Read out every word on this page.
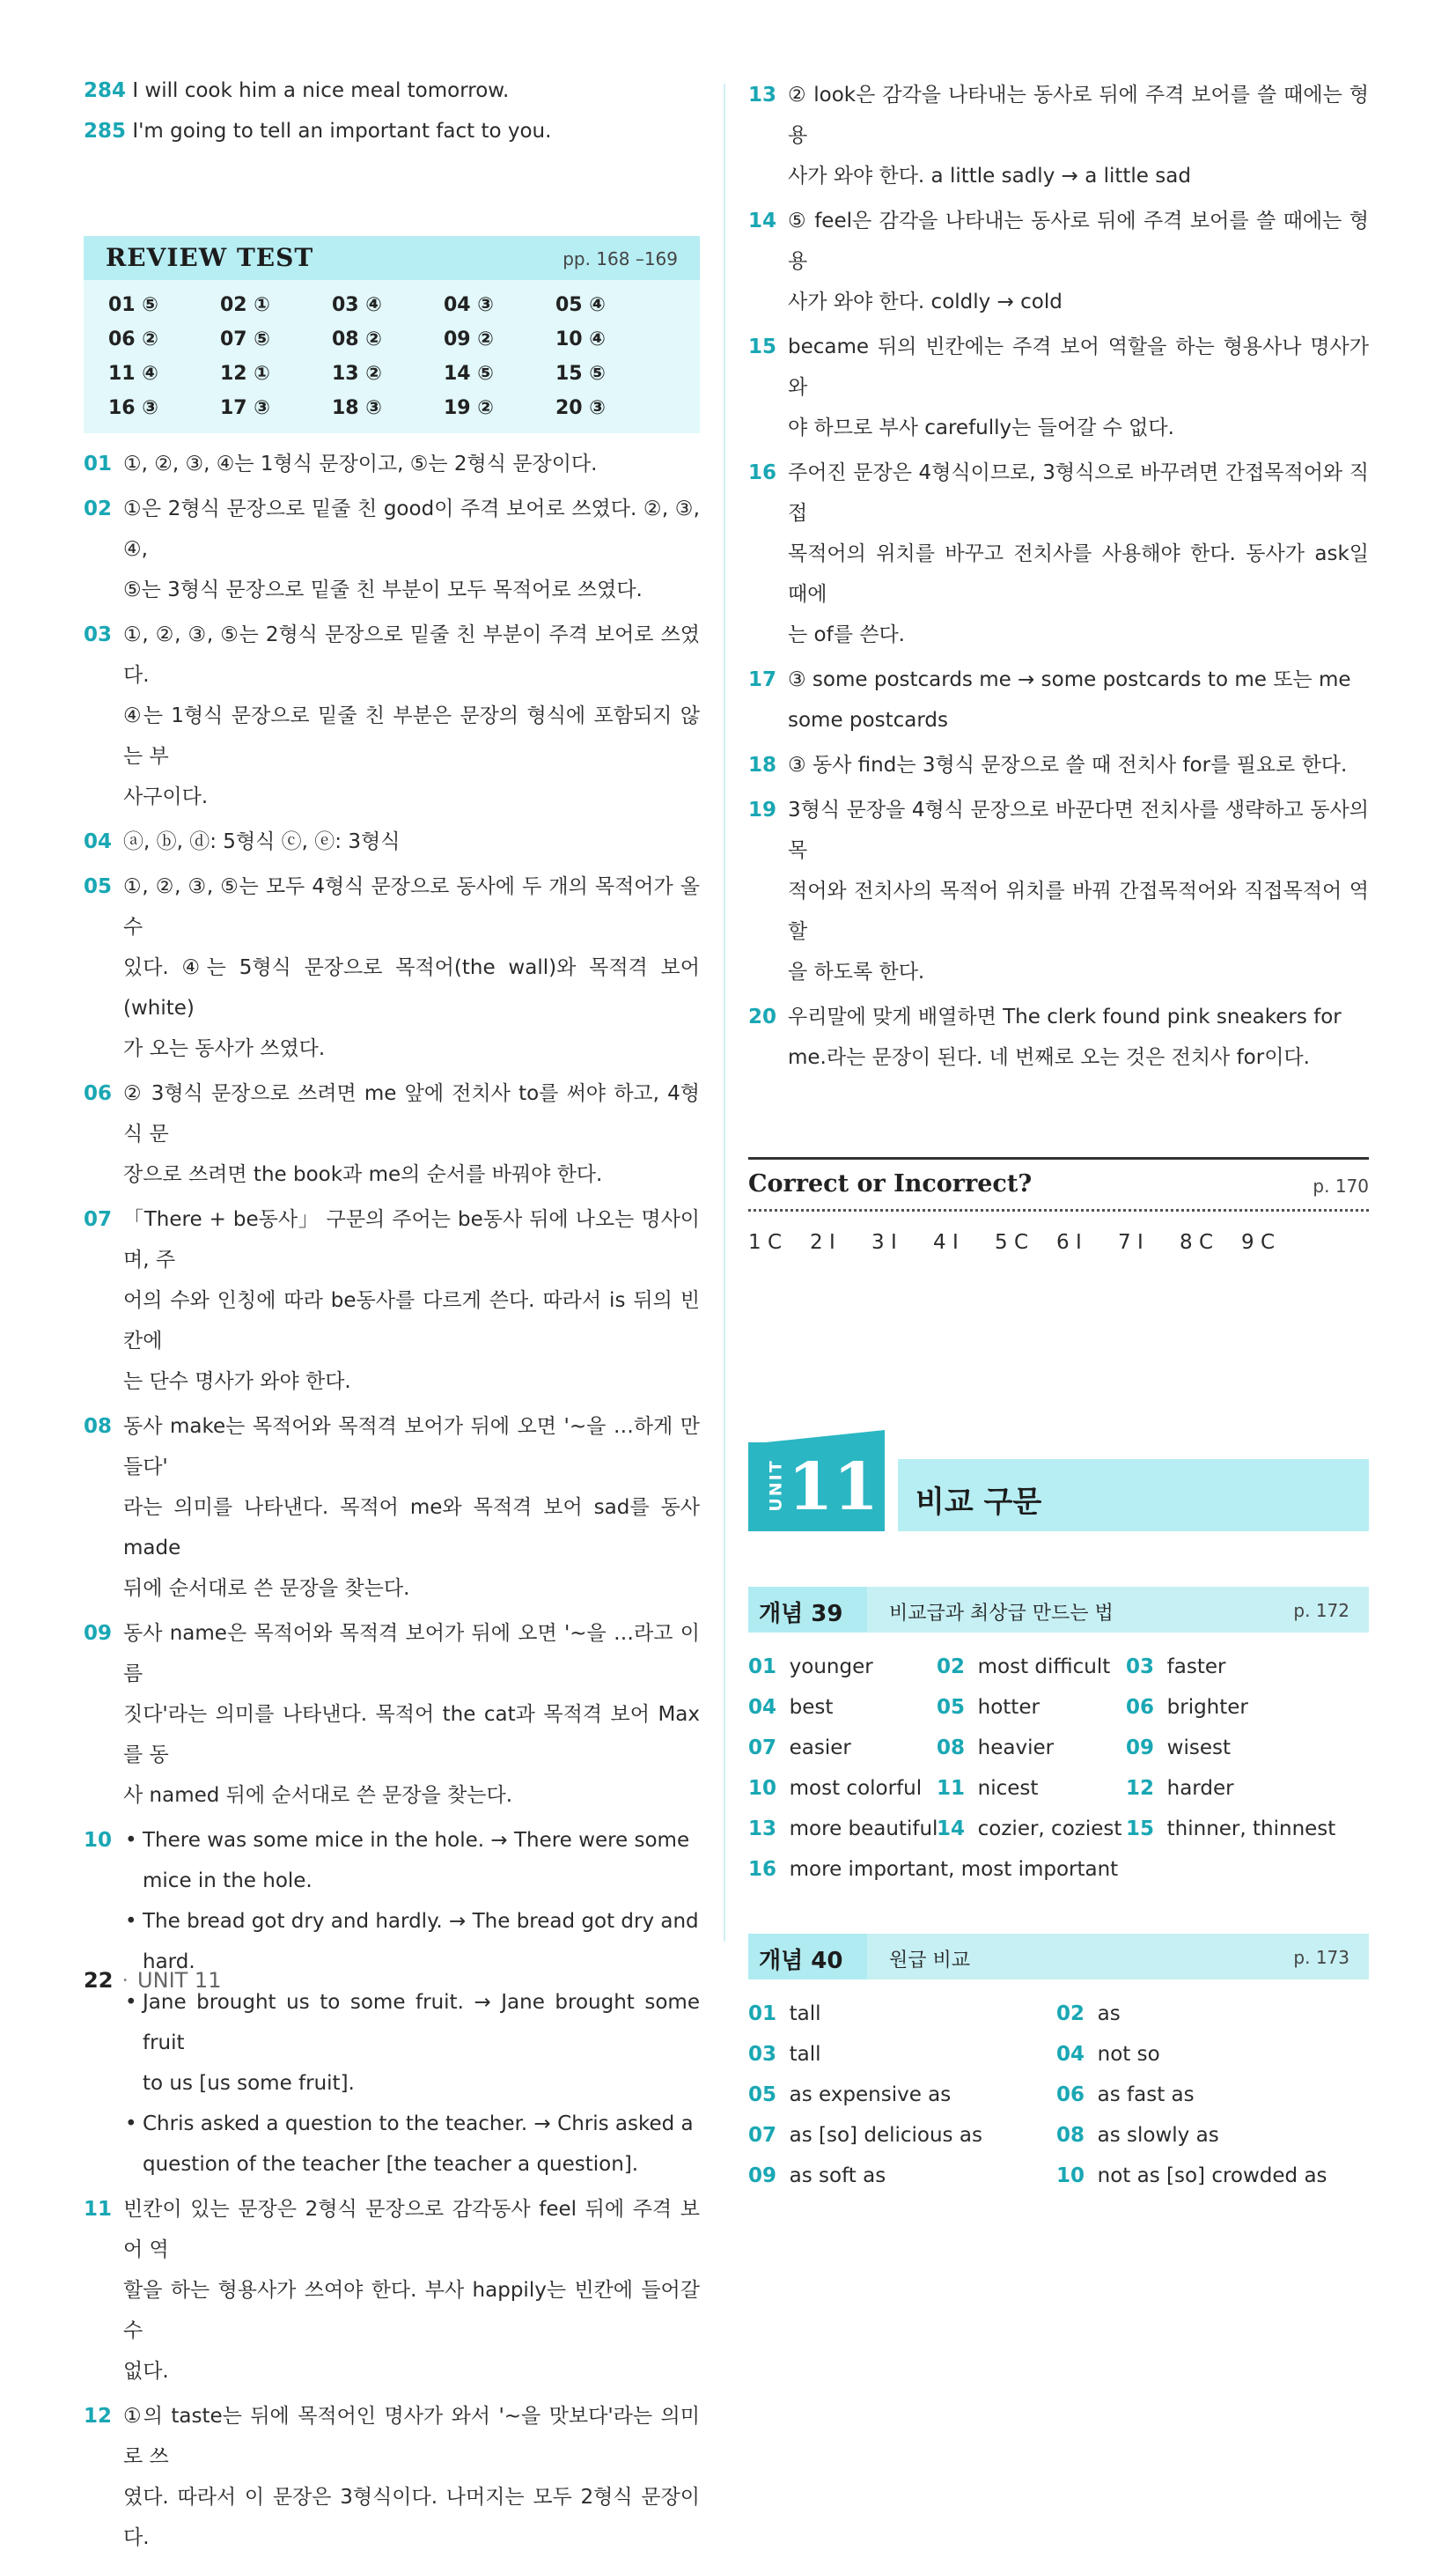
284 I will cook him a nice meal tomorrow.
285 I'm going to tell an important fact to you.
REVIEW TEST	pp. 168 –169
01 ⑤	02 ①	03 ④	04 ③	05 ④
06 ②	07 ⑤	08 ②	09 ②	10 ④
11 ④	12 ①	13 ②	14 ⑤	15 ⑤
16 ③	17 ③	18 ③	19 ②	20 ③
01 ①, ②, ③, ④는 1형식 문장이고, ⑤는 2형식 문장이다.

02 ①은 2형식 문장으로 밑줄 친 good이 주격 보어로 쓰였다. ②, ③, ④,

⑤는 3형식 문장으로 밑줄 친 부분이 모두 목적어로 쓰였다.

03 ①, ②, ③, ⑤는 2형식 문장으로 밑줄 친 부분이 주격 보어로 쓰였다.

④는 1형식 문장으로 밑줄 친 부분은 문장의 형식에 포함되지 않는 부

사구이다.

04 ⓐ, ⓑ, ⓓ: 5형식 ⓒ, ⓔ: 3형식

05 ①, ②, ③, ⑤는 모두 4형식 문장으로 동사에 두 개의 목적어가 올 수

있다. ④는 5형식 문장으로 목적어(the wall)와 목적격 보어(white)

가 오는 동사가 쓰였다.

06 ② 3형식 문장으로 쓰려면 me 앞에 전치사 to를 써야 하고, 4형식 문

장으로 쓰려면 the book과 me의 순서를 바꿔야 한다.

07 「There + be동사」 구문의 주어는 be동사 뒤에 나오는 명사이며, 주

어의 수와 인칭에 따라 be동사를 다르게 쓴다. 따라서 is 뒤의 빈칸에

는 단수 명사가 와야 한다.

08 동사 make는 목적어와 목적격 보어가 뒤에 오면 '~을 …하게 만들다'

라는 의미를 나타낸다. 목적어 me와 목적격 보어 sad를 동사 made

뒤에 순서대로 쓴 문장을 찾는다.

09 동사 name은 목적어와 목적격 보어가 뒤에 오면 '~을 …라고 이름

짓다'라는 의미를 나타낸다. 목적어 the cat과 목적격 보어 Max를 동

사 named 뒤에 순서대로 쓴 문장을 찾는다.

10

• There was some mice in the hole. → There were some

mice in the hole.

• The bread got dry and hardly. → The bread got dry and

hard.

• Jane brought us to some fruit. → Jane brought some fruit

to us [us some fruit].

• Chris asked a question to the teacher. → Chris asked a

question of the teacher [the teacher a question].

11 빈칸이 있는 문장은 2형식 문장으로 감각동사 feel 뒤에 주격 보어 역

할을 하는 형용사가 쓰여야 한다. 부사 happily는 빈칸에 들어갈 수

없다.

12 ①의 taste는 뒤에 목적어인 명사가 와서 '~을 맛보다'라는 의미로 쓰

였다. 따라서 이 문장은 3형식이다. 나머지는 모두 2형식 문장이다.

13 ② look은 감각을 나타내는 동사로 뒤에 주격 보어를 쓸 때에는 형용

사가 와야 한다. a little sadly → a little sad

14 ⑤ feel은 감각을 나타내는 동사로 뒤에 주격 보어를 쓸 때에는 형용

사가 와야 한다. coldly → cold

15 became 뒤의 빈칸에는 주격 보어 역할을 하는 형용사나 명사가 와

야 하므로 부사 carefully는 들어갈 수 없다.

16 주어진 문장은 4형식이므로, 3형식으로 바꾸려면 간접목적어와 직접

목적어의 위치를 바꾸고 전치사를 사용해야 한다. 동사가 ask일 때에

는 of를 쓴다.

17 ③ some postcards me → some postcards to me 또는 me

some postcards

18 ③ 동사 find는 3형식 문장으로 쓸 때 전치사 for를 필요로 한다.

19 3형식 문장을 4형식 문장으로 바꾼다면 전치사를 생략하고 동사의 목

적어와 전치사의 목적어 위치를 바꿔 간접목적어와 직접목적어 역할

을 하도록 한다.

20 우리말에 맞게 배열하면 The clerk found pink sneakers for

me.라는 문장이 된다. 네 번째로 오는 것은 전치사 for이다.

Correct or Incorrect?	p. 170
1 C	2 I	3 I	4 I	5 C	6 I	7 I	8 C	9 C
UNIT 11 비교 구문
개념 39 비교급과 최상급 만드는 법	p. 172
01 younger	02 most difficult 03 faster
04 best	05 hotter	06 brighter
07 easier	08 heavier	09 wisest
10 most colorful 11 nicest	12 harder
13 more beautiful
14 cozier, coziest 15 thinner, thinnest
16 more important, most important
개념 40 원급 비교	p. 173
01 tall	02 as
03 tall	04 not so
05 as expensive as	06 as fast as
07 as [so] delicious as	08 as slowly as
09 as soft as	10 not as [so] crowded as
22 · UNIT 11
